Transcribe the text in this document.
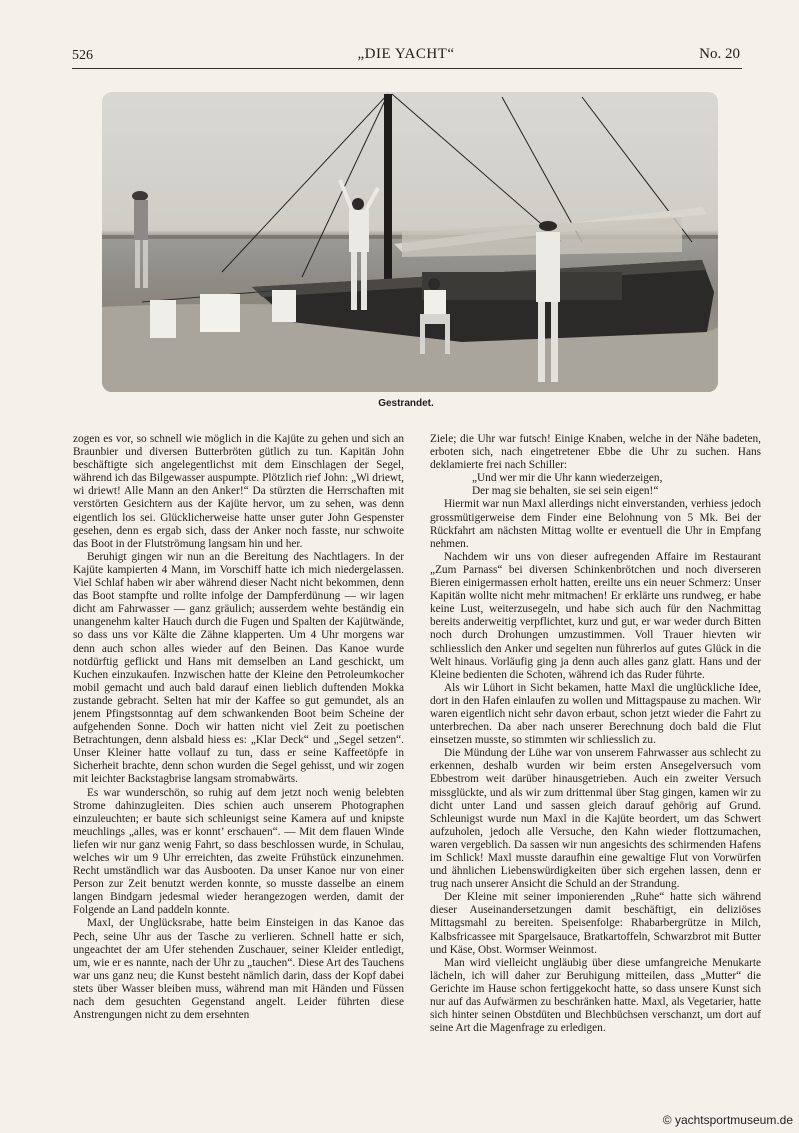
526	„DIE YACHT“	No. 20
Gestrandet.

zogen es vor, so schnell wie möglich in die Kajüte zu gehen und sich an Braunbier und diversen Butterbröten gütlich zu tun. Kapitän John beschäftigte sich angelegentlichst mit dem Einschlagen der Segel, während ich das Bilgewasser auspumpte. Plötzlich rief John: „Wi driewt, wi driewt! Alle Mann an den Anker!“ Da stürzten die Herrschaften mit verstörten Gesichtern aus der Kajüte hervor, um zu sehen, was denn eigentlich los sei. Glücklicherweise hatte unser guter John Gespenster gesehen, denn es ergab sich, dass der Anker noch fasste, nur schwoite das Boot in der Flutströmung langsam hin und her.

Beruhigt gingen wir nun an die Bereitung des Nachtlagers. In der Kajüte kampierten 4 Mann, im Vorschiff hatte ich mich niedergelassen. Viel Schlaf haben wir aber während dieser Nacht nicht bekommen, denn das Boot stampfte und rollte infolge der Dampferdünung — wir lagen dicht am Fahrwasser — ganz gräulich; ausserdem wehte beständig ein unangenehm kalter Hauch durch die Fugen und Spalten der Kajütwände, so dass uns vor Kälte die Zähne klapperten. Um 4 Uhr morgens war denn auch schon alles wieder auf den Beinen. Das Kanoe wurde notdürftig geflickt und Hans mit demselben an Land geschickt, um Kuchen einzukaufen. Inzwischen hatte der Kleine den Petroleumkocher mobil gemacht und auch bald darauf einen lieblich duftenden Mokka zustande gebracht. Selten hat mir der Kaffee so gut gemundet, als an jenem Pfingstsonntag auf dem schwankenden Boot beim Scheine der aufgehenden Sonne. Doch wir hatten nicht viel Zeit zu poetischen Betrachtungen, denn alsbald hiess es: „Klar Deck“ und „Segel setzen“. Unser Kleiner hatte vollauf zu tun, dass er seine Kaffeetöpfe in Sicherheit brachte, denn schon wurden die Segel gehisst, und wir zogen mit leichter Backstagbrise langsam stromabwärts.

Es war wunderschön, so ruhig auf dem jetzt noch wenig belebten Strome dahinzugleiten. Dies schien auch unserem Photographen einzuleuchten; er baute sich schleunigst seine Kamera auf und knipste meuchlings „alles, was er konnt’ erschauen“. — Mit dem flauen Winde liefen wir nur ganz wenig Fahrt, so dass beschlossen wurde, in Schulau, welches wir um 9 Uhr erreichten, das zweite Frühstück einzunehmen. Recht umständlich war das Ausbooten. Da unser Kanoe nur von einer Person zur Zeit benutzt werden konnte, so musste dasselbe an einem langen Bindgarn jedesmal wieder herangezogen werden, damit der Folgende an Land paddeln konnte.

Maxl, der Unglücksrabe, hatte beim Einsteigen in das Kanoe das Pech, seine Uhr aus der Tasche zu verlieren. Schnell hatte er sich, ungeachtet der am Ufer stehenden Zuschauer, seiner Kleider entledigt, um, wie er es nannte, nach der Uhr zu „tauchen“. Diese Art des Tauchens war uns ganz neu; die Kunst besteht nämlich darin, dass der Kopf dabei stets über Wasser bleiben muss, während man mit Händen und Füssen nach dem gesuchten Gegenstand angelt. Leider führten diese Anstrengungen nicht zu dem ersehnten

Ziele; die Uhr war futsch! Einige Knaben, welche in der Nähe badeten, erboten sich, nach eingetretener Ebbe die Uhr zu suchen. Hans deklamierte frei nach Schiller:

„Und wer mir die Uhr kann wiederzeigen,

Der mag sie behalten, sie sei sein eigen!“

Hiermit war nun Maxl allerdings nicht einverstanden, verhiess jedoch grossmütigerweise dem Finder eine Belohnung von 5 Mk. Bei der Rückfahrt am nächsten Mittag wollte er eventuell die Uhr in Empfang nehmen.

Nachdem wir uns von dieser aufregenden Affaire im Restaurant „Zum Parnass“ bei diversen Schinkenbrötchen und noch diverseren Bieren einigermassen erholt hatten, ereilte uns ein neuer Schmerz: Unser Kapitän wollte nicht mehr mitmachen! Er erklärte uns rundweg, er habe keine Lust, weiterzusegeln, und habe sich auch für den Nachmittag bereits anderweitig verpflichtet, kurz und gut, er war weder durch Bitten noch durch Drohungen umzustimmen. Voll Trauer hievten wir schliesslich den Anker und segelten nun führerlos auf gutes Glück in die Welt hinaus. Vorläufig ging ja denn auch alles ganz glatt. Hans und der Kleine bedienten die Schoten, während ich das Ruder führte.

Als wir Lühort in Sicht bekamen, hatte Maxl die unglückliche Idee, dort in den Hafen einlaufen zu wollen und Mittagspause zu machen. Wir waren eigentlich nicht sehr davon erbaut, schon jetzt wieder die Fahrt zu unterbrechen. Da aber nach unserer Berechnung doch bald die Flut einsetzen musste, so stimmten wir schliesslich zu.

Die Mündung der Lühe war von unserem Fahrwasser aus schlecht zu erkennen, deshalb wurden wir beim ersten Ansegelversuch vom Ebbestrom weit darüber hinausgetrieben. Auch ein zweiter Versuch missglückte, und als wir zum drittenmal über Stag gingen, kamen wir zu dicht unter Land und sassen gleich darauf gehörig auf Grund. Schleunigst wurde nun Maxl in die Kajüte beordert, um das Schwert aufzuholen, jedoch alle Versuche, den Kahn wieder flottzumachen, waren vergeblich. Da sassen wir nun angesichts des schirmenden Hafens im Schlick! Maxl musste daraufhin eine gewaltige Flut von Vorwürfen und ähnlichen Liebenswürdigkeiten über sich ergehen lassen, denn er trug nach unserer Ansicht die Schuld an der Strandung.

Der Kleine mit seiner imponierenden „Ruhe“ hatte sich während dieser Auseinandersetzungen damit beschäftigt, ein deliziöses Mittagsmahl zu bereiten. Speisenfolge: Rhabarbergrütze in Milch, Kalbsfricassee mit Spargelsauce, Bratkartoffeln, Schwarzbrot mit Butter und Käse, Obst. Wormser Weinmost.

Man wird vielleicht ungläubig über diese umfangreiche Menukarte lächeln, ich will daher zur Beruhigung mitteilen, dass „Mutter“ die Gerichte im Hause schon fertiggekocht hatte, so dass unsere Kunst sich nur auf das Aufwärmen zu beschränken hatte. Maxl, als Vegetarier, hatte sich hinter seinen Obstdüten und Blechbüchsen verschanzt, um dort auf seine Art die Magenfrage zu erledigen.

© yachtsportmuseum.de
